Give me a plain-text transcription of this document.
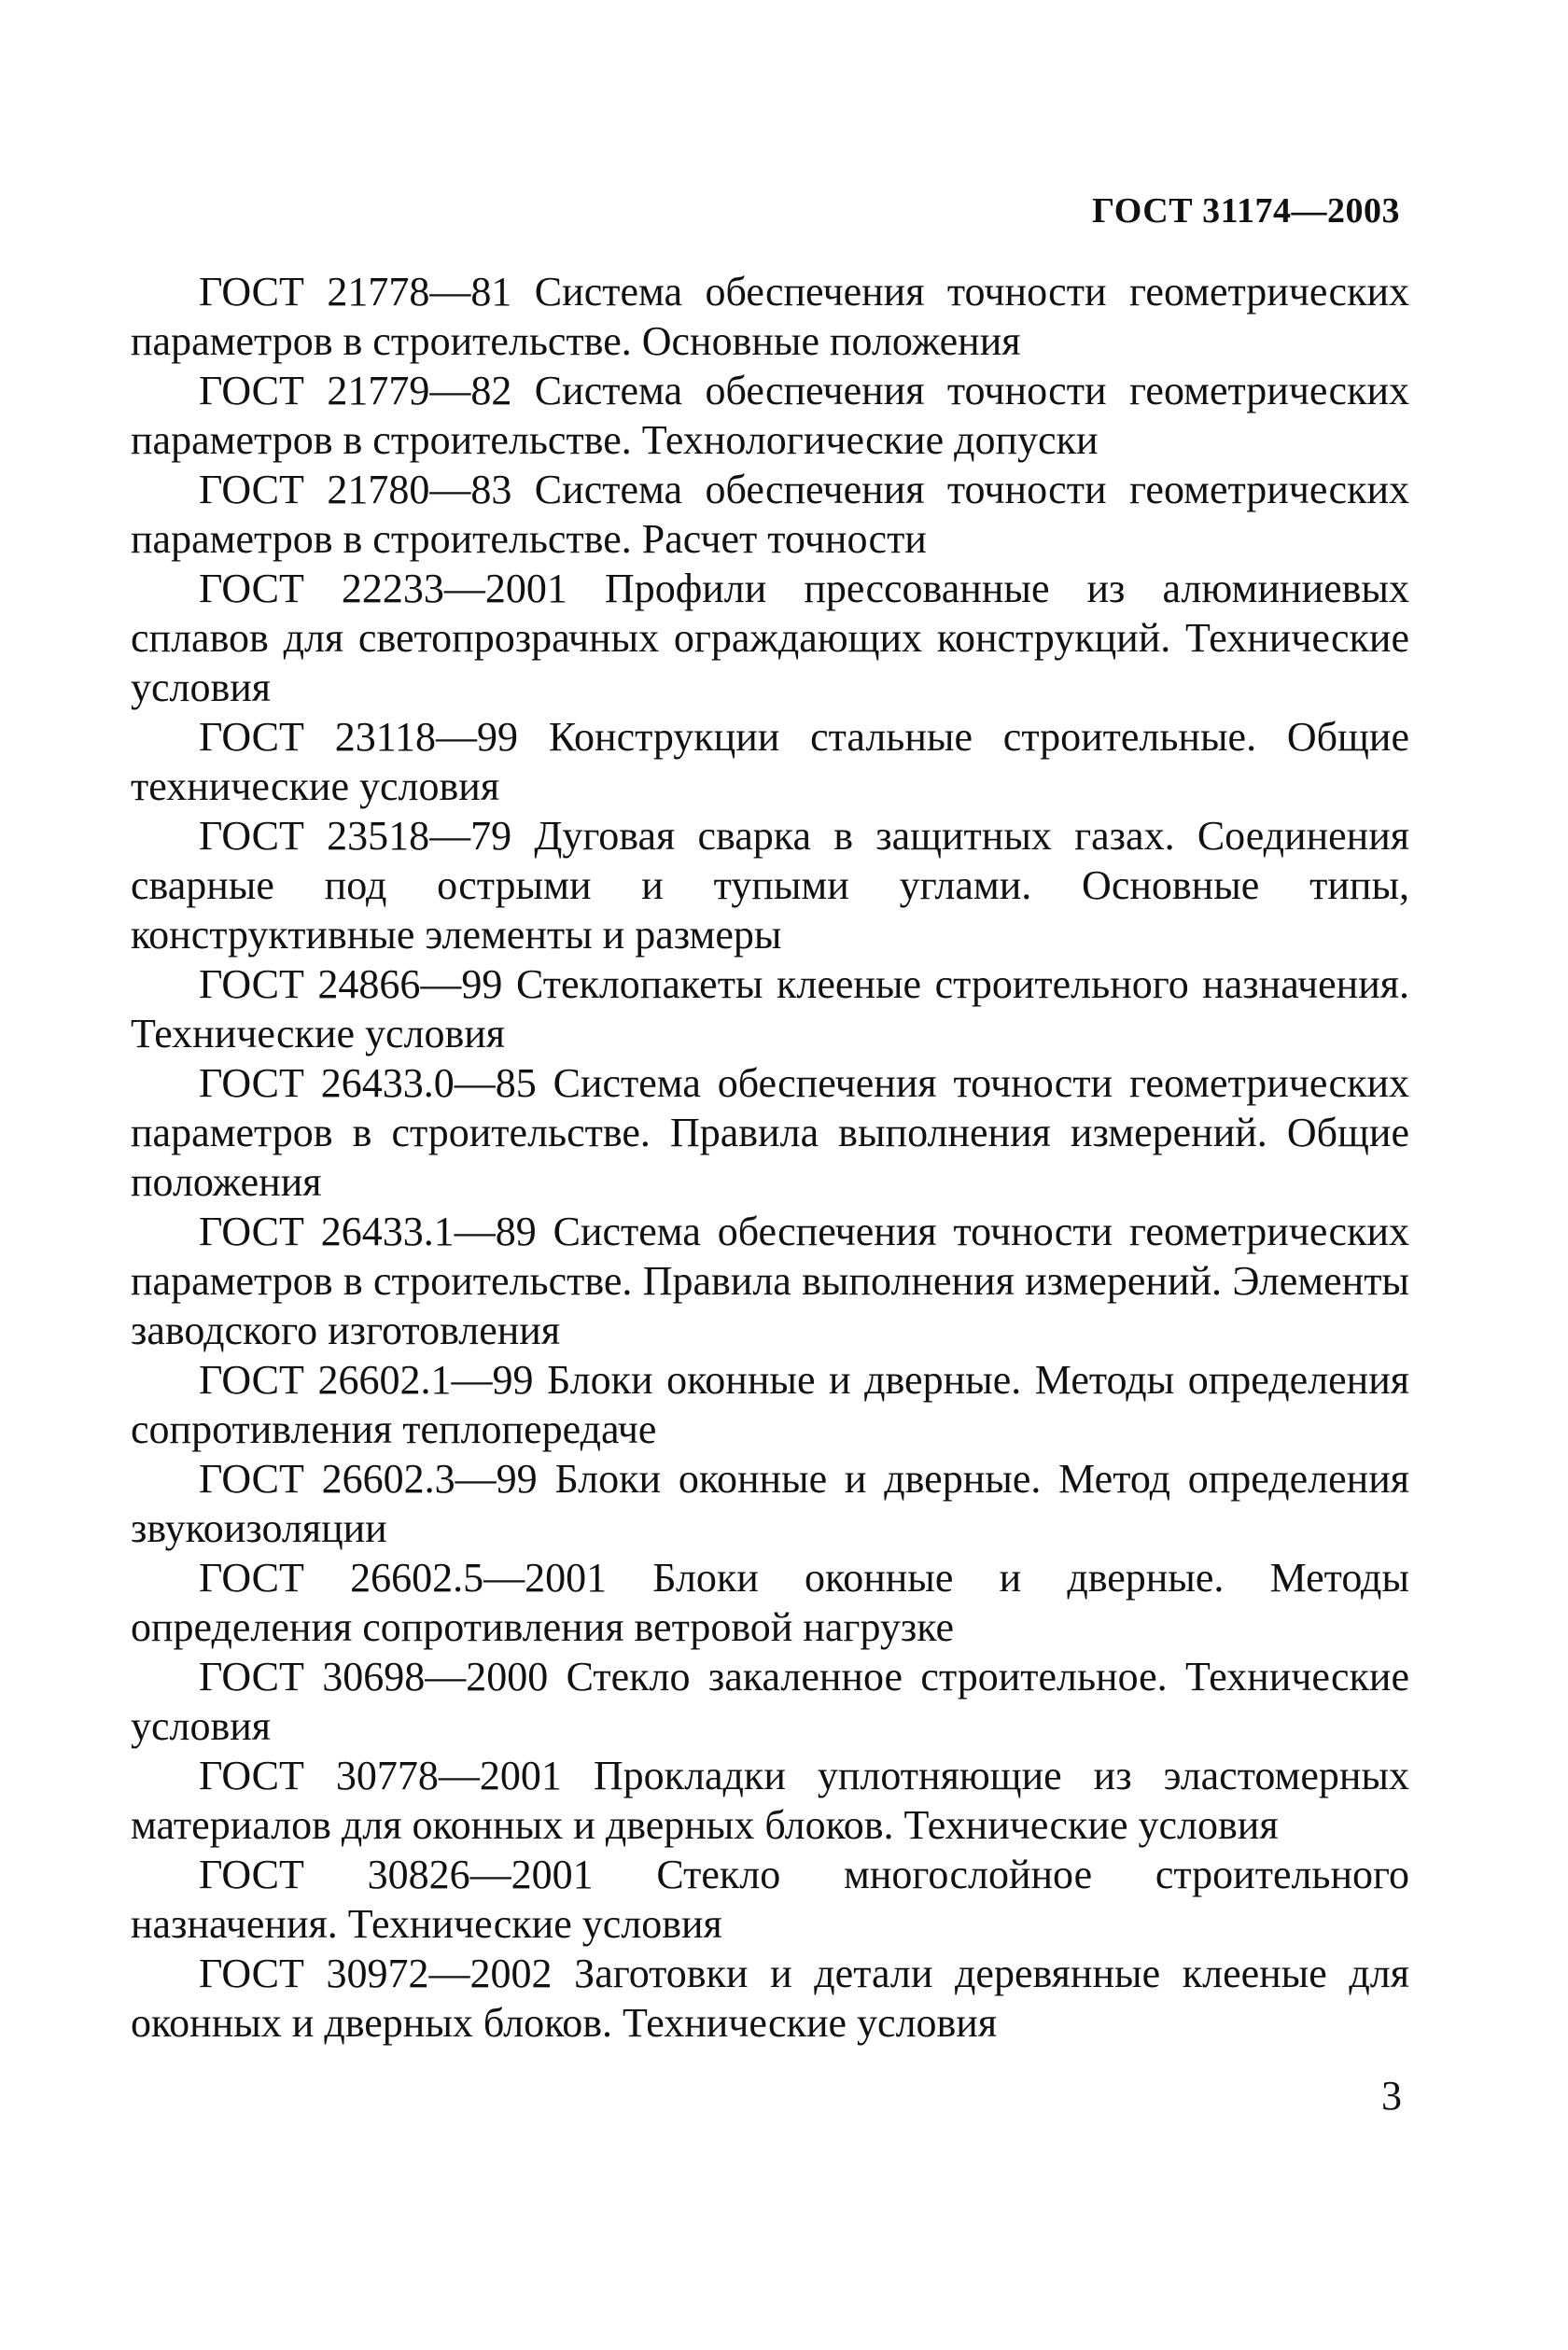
ГОСТ 31174—2003

ГОСТ 21778—81 Система обеспечения точности геометрических параметров в строительстве. Основные положения

ГОСТ 21779—82 Система обеспечения точности геометрических параметров в строительстве. Технологические допуски

ГОСТ 21780—83 Система обеспечения точности геометрических параметров в строительстве. Расчет точности

ГОСТ 22233—2001 Профили прессованные из алюминиевых сплавов для светопрозрачных ограждающих конструкций. Технические условия

ГОСТ 23118—99 Конструкции стальные строительные. Общие технические условия

ГОСТ 23518—79 Дуговая сварка в защитных газах. Соединения сварные под острыми и тупыми углами. Основные типы, конструктивные элементы и размеры

ГОСТ 24866—99 Стеклопакеты клееные строительного назначения. Технические условия

ГОСТ 26433.0—85 Система обеспечения точности геометрических параметров в строительстве. Правила выполнения измерений. Общие положения

ГОСТ 26433.1—89 Система обеспечения точности геометрических параметров в строительстве. Правила выполнения измерений. Элементы заводского изготовления

ГОСТ 26602.1—99 Блоки оконные и дверные. Методы определения сопротивления теплопередаче

ГОСТ 26602.3—99 Блоки оконные и дверные. Метод определения звукоизоляции

ГОСТ 26602.5—2001 Блоки оконные и дверные. Методы определения сопротивления ветровой нагрузке

ГОСТ 30698—2000 Стекло закаленное строительное. Технические условия

ГОСТ 30778—2001 Прокладки уплотняющие из эластомерных материалов для оконных и дверных блоков. Технические условия

ГОСТ 30826—2001 Стекло многослойное строительного назначения. Технические условия

ГОСТ 30972—2002 Заготовки и детали деревянные клееные для оконных и дверных блоков. Технические условия

3
